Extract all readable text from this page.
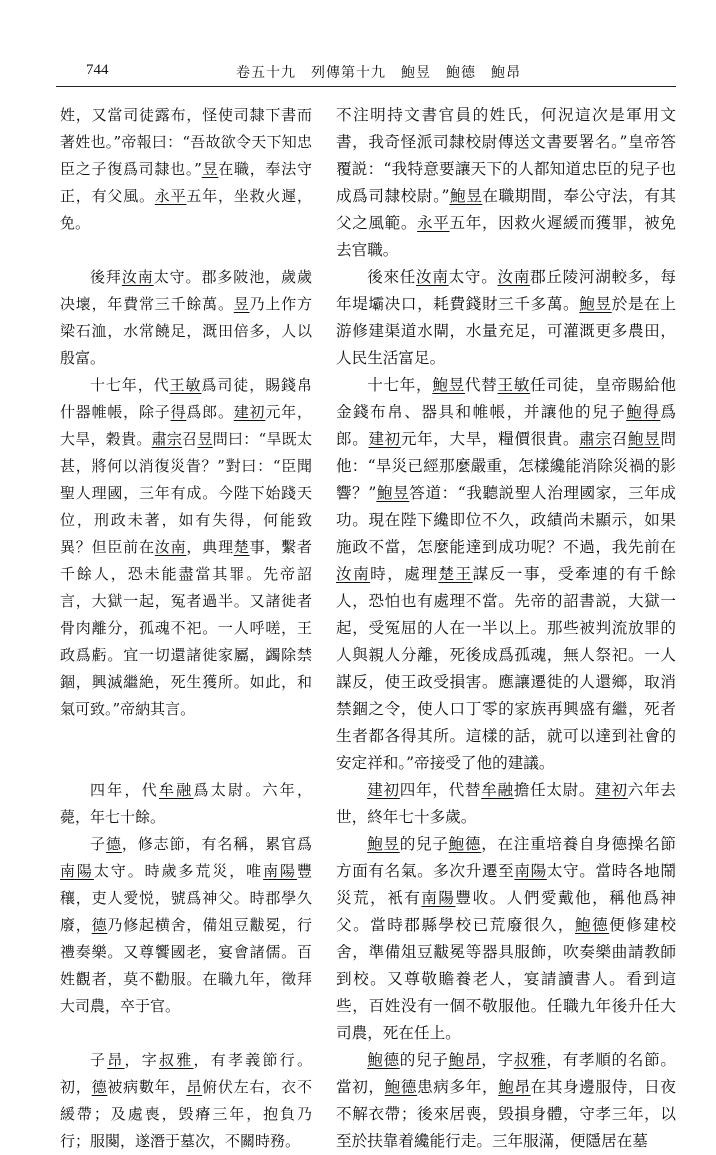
744	卷五十九　列傳第十九　鮑昱　鮑德　鮑昂

姓，又當司徒露布，怪使司隸下書而著姓也。”帝報曰：“吾故欲令天下知忠臣之子復爲司隸也。”昱在職，奉法守正，有父風。永平五年，坐救火遲，免。

後拜汝南太守。郡多陂池，歲歲决壞，年費常三千餘萬。昱乃上作方梁石洫，水常饒足，溉田倍多，人以殷富。

十七年，代王敏爲司徒，賜錢帛什器帷帳，除子得爲郎。建初元年，大旱，穀貴。肅宗召昱問曰：“旱既太甚，將何以消復災眚？”對曰：“臣聞聖人理國，三年有成。今陛下始踐天位，刑政未著，如有失得，何能致異？但臣前在汝南，典理楚事，繫者千餘人，恐未能盡當其罪。先帝詔言，大獄一起，冤者過半。又諸徙者骨肉離分，孤魂不祀。一人呼嗟，王政爲虧。宜一切還諸徙家屬，蠲除禁錮，興滅繼絶，死生獲所。如此，和氣可致。”帝納其言。

四年，代牟融爲太尉。六年，薨，年七十餘。

子德，修志節，有名稱，累官爲南陽太守。時歲多荒災，唯南陽豐穰，吏人愛悦，號爲神父。時郡學久廢，德乃修起横舍，備俎豆黻冕，行禮奏樂。又尊饗國老，宴會諸儒。百姓觀者，莫不勸服。在職九年，徵拜大司農，卒于官。

子昂，字叔雅，有孝義節行。初，德被病數年，昂俯伏左右，衣不緩帶；及處喪，毁瘠三年，抱負乃行；服闋，遂潛于墓次，不關時務。

不注明持文書官員的姓氏，何況這次是軍用文書，我奇怪派司隸校尉傳送文書要署名。”皇帝答覆説：“我特意要讓天下的人都知道忠臣的兒子也成爲司隸校尉。”鮑昱在職期間，奉公守法，有其父之風範。永平五年，因救火遲緩而獲罪，被免去官職。

後來任汝南太守。汝南郡丘陵河湖較多，每年堤壩决口，耗費錢財三千多萬。鮑昱於是在上游修建渠道水閘，水量充足，可灌溉更多農田，人民生活富足。

十七年，鮑昱代替王敏任司徒，皇帝賜給他金錢布帛、器具和帷帳，并讓他的兒子鮑得爲郎。建初元年，大旱，糧價很貴。肅宗召鮑昱問他：“旱災已經那麼嚴重，怎樣纔能消除災禍的影響？”鮑昱答道：“我聽説聖人治理國家，三年成功。現在陛下纔即位不久，政績尚未顯示，如果施政不當，怎麼能達到成功呢？不過，我先前在汝南時，處理楚王謀反一事，受牽連的有千餘人，恐怕也有處理不當。先帝的詔書説，大獄一起，受冤屈的人在一半以上。那些被判流放罪的人與親人分離，死後成爲孤魂，無人祭祀。一人謀反，使王政受損害。應讓遷徙的人還鄉，取消禁錮之令，使人口丁零的家族再興盛有繼，死者生者都各得其所。這樣的話，就可以達到社會的安定祥和。”帝接受了他的建議。

建初四年，代替牟融擔任太尉。建初六年去世，終年七十多歲。

鮑昱的兒子鮑德，在注重培養自身德操名節方面有名氣。多次升遷至南陽太守。當時各地鬧災荒，衹有南陽豐收。人們愛戴他，稱他爲神父。當時郡縣學校已荒廢很久，鮑德便修建校舍，準備俎豆黻冕等器具服飾，吹奏樂曲請教師到校。又尊敬贍養老人，宴請讀書人。看到這些，百姓没有一個不敬服他。任職九年後升任大司農，死在任上。

鮑德的兒子鮑昂，字叔雅，有孝順的名節。當初，鮑德患病多年，鮑昂在其身邊服侍，日夜不解衣帶；後來居喪，毁損身體，守孝三年，以至於扶靠着纔能行走。三年服滿，便隱居在墓
